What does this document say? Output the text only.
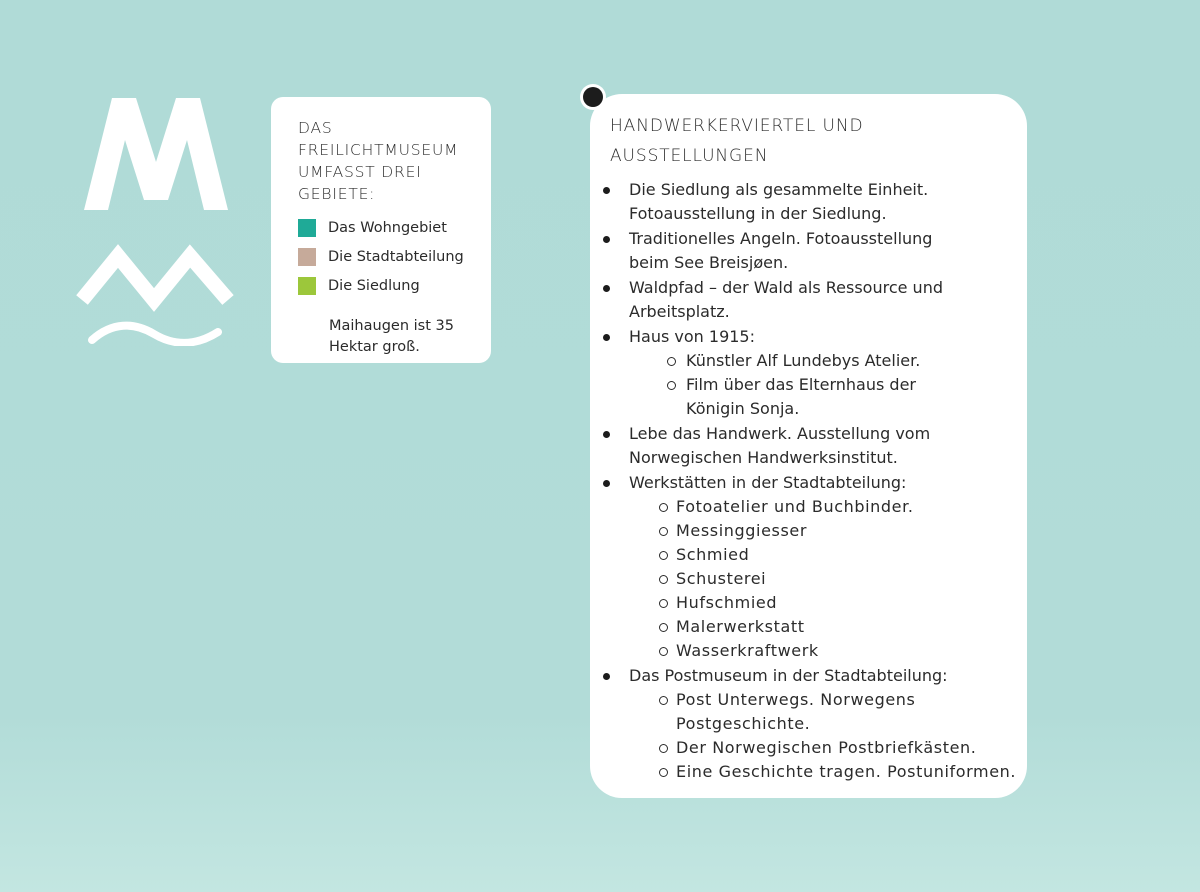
DAS
FREILICHTMUSEUM
UMFASST DREI
GEBIETE:
Das Wohngebiet
Die Stadtabteilung
Die Siedlung

Maihaugen ist 35
Hektar groß.

HANDWERKERVIERTEL UND
AUSSTELLUNGEN
Die Siedlung als gesammelte Einheit.
Fotoausstellung in der Siedlung.
Traditionelles Angeln. Fotoausstellung
beim See Breisjøen.
Waldpfad – der Wald als Ressource und
Arbeitsplatz.
Haus von 1915:
Künstler Alf Lundebys Atelier.
Film über das Elternhaus der
Königin Sonja.
Lebe das Handwerk. Ausstellung vom
Norwegischen Handwerksinstitut.
Werkstätten in der Stadtabteilung:
Fotoatelier und Buchbinder.
Messinggiesser
Schmied
Schusterei
Hufschmied
Malerwerkstatt
Wasserkraftwerk
Das Postmuseum in der Stadtabteilung:
Post Unterwegs. Norwegens
Postgeschichte.
Der Norwegischen Postbriefkästen.
Eine Geschichte tragen. Postuniformen.
